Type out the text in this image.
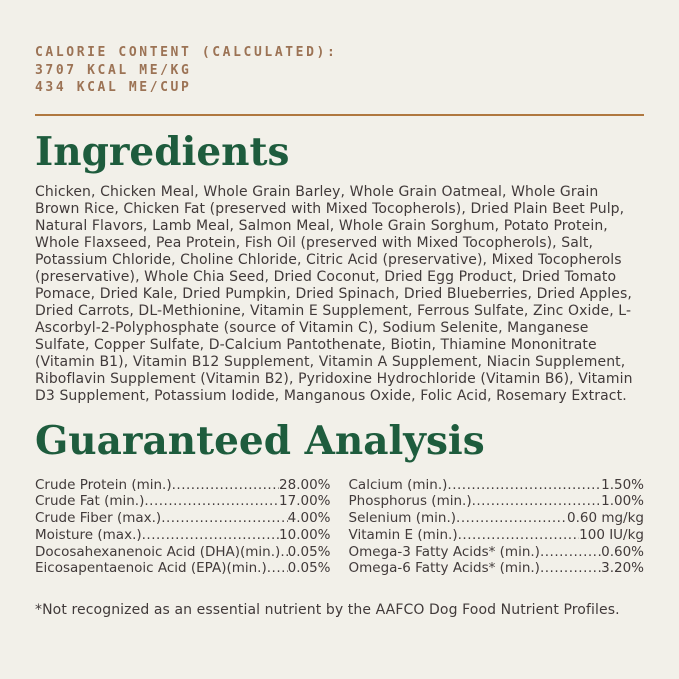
CALORIE CONTENT (CALCULATED):
3707 KCAL ME/KG
434 KCAL ME/CUP
Ingredients
Chicken, Chicken Meal, Whole Grain Barley, Whole Grain Oatmeal, Whole Grain Brown Rice, Chicken Fat (preserved with Mixed Tocopherols), Dried Plain Beet Pulp, Natural Flavors, Lamb Meal, Salmon Meal, Whole Grain Sorghum, Potato Protein, Whole Flaxseed, Pea Protein, Fish Oil (preserved with Mixed Tocopherols), Salt, Potassium Chloride, Choline Chloride, Citric Acid (preservative), Mixed Tocopherols (preservative), Whole Chia Seed, Dried Coconut, Dried Egg Product, Dried Tomato Pomace, Dried Kale, Dried Pumpkin, Dried Spinach, Dried Blueberries, Dried Apples, Dried Carrots, DL-Methionine, Vitamin E Supplement, Ferrous Sulfate, Zinc Oxide, L-Ascorbyl-2-Polyphosphate (source of Vitamin C), Sodium Selenite, Manganese Sulfate, Copper Sulfate, D-Calcium Pantothenate, Biotin, Thiamine Mononitrate (Vitamin B1), Vitamin B12 Supplement, Vitamin A Supplement, Niacin Supplement, Riboflavin Supplement (Vitamin B2), Pyridoxine Hydrochloride (Vitamin B6), Vitamin D3 Supplement, Potassium Iodide, Manganous Oxide, Folic Acid, Rosemary Extract.
Guaranteed Analysis
Crude Protein (min.) .....	28.00%
Crude Fat (min.) .....	17.00%
Crude Fiber (max.) .....	4.00%
Moisture (max.) .....	10.00%
Docosahexanenoic Acid (DHA)(min.) ..... 0.05%
Eicosapentaenoic Acid (EPA)(min.) ..... 0.05%
Calcium (min.) .....	1.50%
Phosphorus (min.) .....	1.00%
Selenium (min.) .....	0.60 mg/kg
Vitamin E (min.) .....	100 IU/kg
Omega-3 Fatty Acids* (min.) .....	0.60%
Omega-6 Fatty Acids* (min.) .....	3.20%
*Not recognized as an essential nutrient by the AAFCO Dog Food Nutrient Profiles.
